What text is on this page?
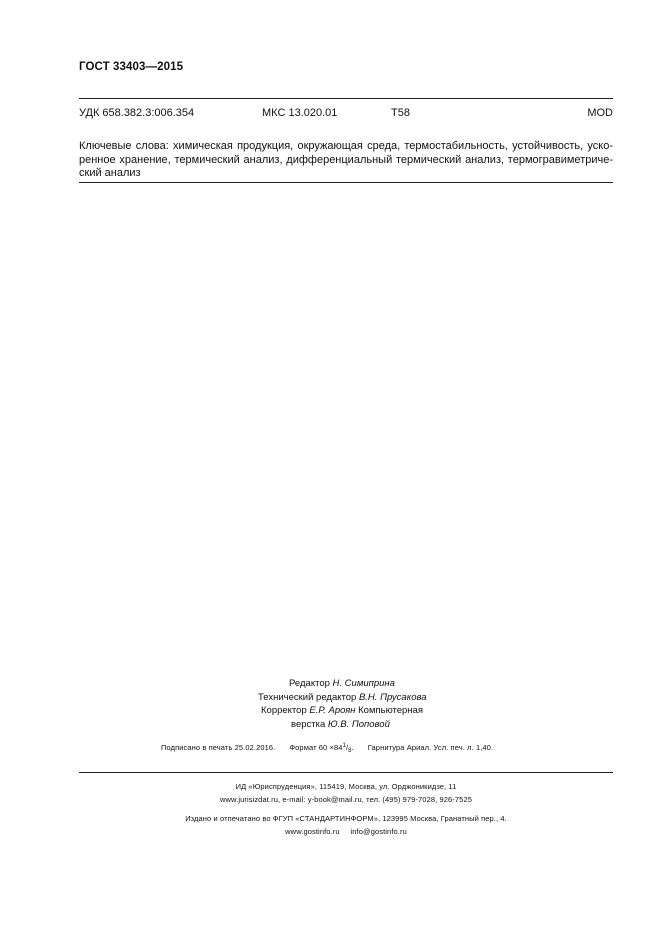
ГОСТ 33403—2015
УДК 658.382.3:006.354	МКС 13.020.01	Т58	MOD

Ключевые слова: химическая продукция, окружающая среда, термостабильность, устойчивость, уско-
ренное хранение, термический анализ, дифференциальный термический анализ, термогравиметриче-
ский анализ

Редактор Н. Симиприна
Технический редактор В.Н. Прусакова
Корректор Е.Р. Ароян Компьютерная
верстка Ю.В. Поповой
Подписано в печать 25.02.2016. Формат $60 \times 84^1/_8$. Гарнитура Ариал. Усл. печ. л. 1,40.
ИД «Юриспруденция», 115419, Москва, ул. Орджоникидзе, 11
www.jurisizdat.ru, e-mail: y-book@mail.ru, тел. (495) 979-7028, 926-7525
Издано и отпечатано во ФГУП «СТАНДАРТИНФОРМ», 123995 Москва, Гранатный пер., 4.
www.gostinfo.ru     info@gostinfo.ru
